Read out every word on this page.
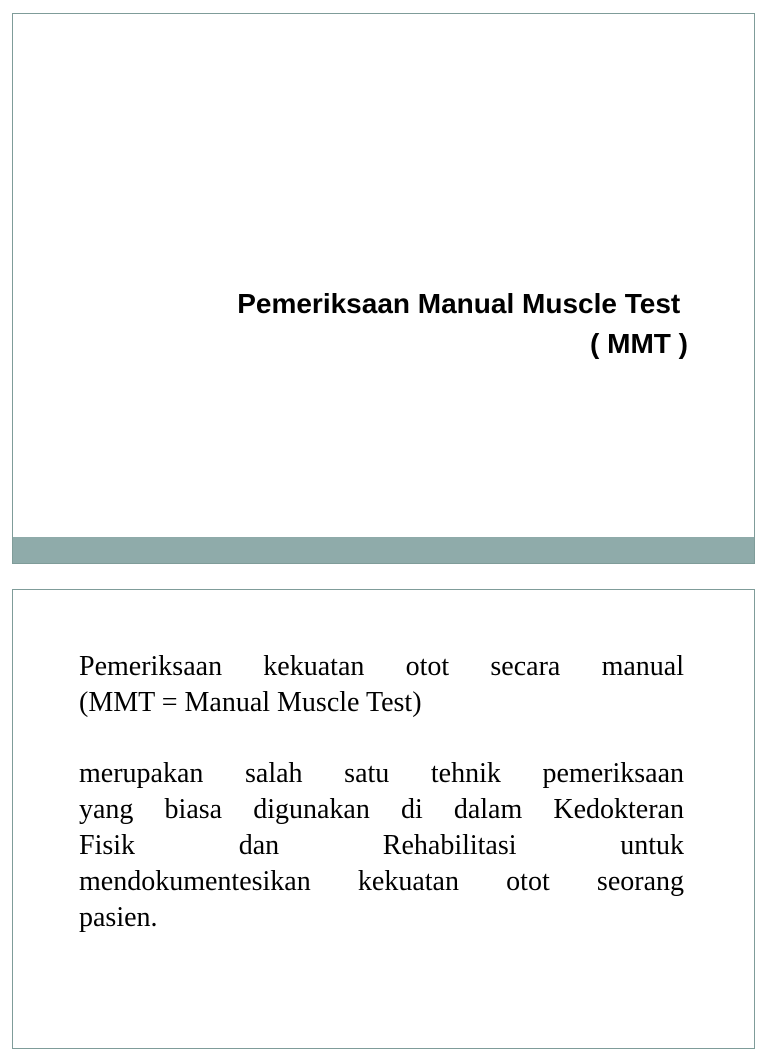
Pemeriksaan Manual Muscle Test
( MMT )

Pemeriksaan kekuatan otot secara manual
(MMT = Manual Muscle Test)

merupakan salah satu tehnik pemeriksaan
yang biasa digunakan di dalam Kedokteran
Fisik dan Rehabilitasi untuk
mendokumentesikan kekuatan otot seorang
pasien.
